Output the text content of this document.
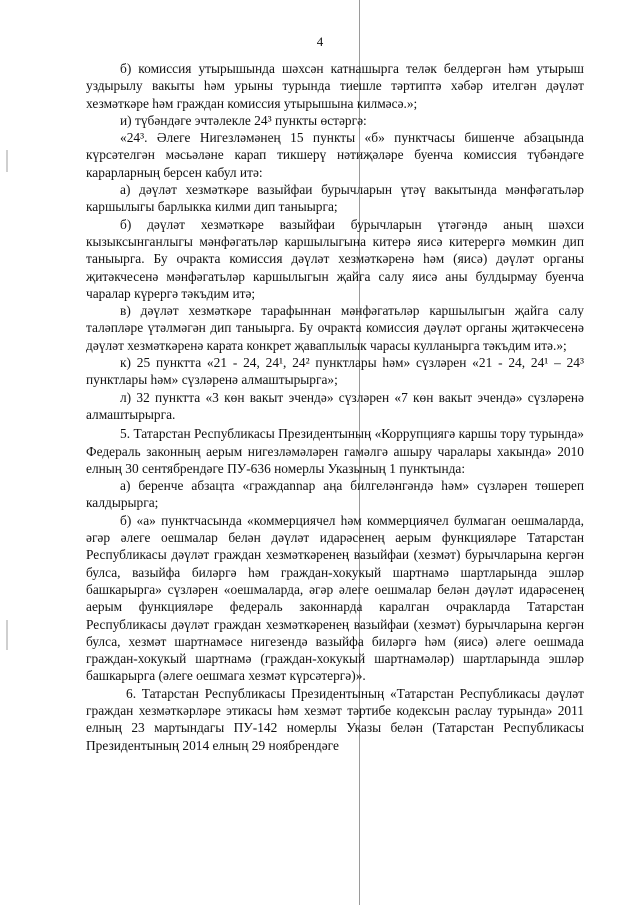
4

б) комиссия утырышында шәхсән катнашырга теләк белдергән һәм утырыш уздырылу вакыты һәм урыны турында тиешле тәртиптә хәбәр ителгән дәүләт хезмәткәре һәм граждан комиссия утырышына килмәсә.»;

и) түбәндәге эчтәлекле 24³ пункты өстәргә:

«24³. Әлеге Нигезләмәнең 15 пункты «б» пунктчасы бишенче абзацында күрсәтелгән мәсьәләне карап тикшерү нәтиҗәләре буенча комиссия түбәндәге карарларның берсен кабул итә:

а) дәүләт хезмәткәре вазыйфаи бурычларын үтәү вакытында мәнфәгатьләр каршылыгы барлыкка килми дип таныырга;

б) дәүләт хезмәткәре вазыйфаи бурычларын үтәгәндә аның шәхси кызыксынганлыгы мәнфәгатьләр каршылыгына китерә яисә китерергә мөмкин дип таныырга. Бу очракта комиссия дәүләт хезмәткәренә һәм (яисә) дәүләт органы җитәкчесенә мәнфәгатьләр каршылыгын җайга салу яисә аны булдырмау буенча чаралар күрергә тәкъдим итә;

в) дәүләт хезмәткәре тарафыннан мәнфәгатьләр каршылыгын җайга салу таләпләре үтәлмәгән дип таныырга. Бу очракта комиссия дәүләт органы җитәкчесенә дәүләт хезмәткәренә карата конкрет җаваплылык чарасы кулланырга тәкъдим итә.»;

к) 25 пунктта «21 - 24, 24¹, 24² пунктлары һәм» сүзләрен «21 - 24, 24¹ – 24³ пунктлары һәм» сүзләренә алмаштырырга»;

л) 32 пунктта «3 көн вакыт эчендә» сүзләрен «7 көн вакыт эчендә» сүзләренә алмаштырырга.

5. Татарстан Республикасы Президентының «Коррупциягә каршы тору турында» Федераль законның аерым нигезләмәләрен гамәлгә ашыру чаралары хакында» 2010 елның 30 сентябрендәге ПУ-636 номерлы Указының 1 пунктында:

а) беренче абзацта «граждannар аңа билгеләнгәндә һәм» сүзләрен төшереп калдырырга;

б) «а» пунктчасында «коммерциячел һәм коммерциячел булмаган оешмаларда, әгәр әлеге оешмалар белән дәүләт идарәсенең аерым функцияләре Татарстан Республикасы дәүләт граждан хезмәткәренең вазыйфаи (хезмәт) бурычларына кергән булса, вазыйфа биләргә һәм граждан-хокукый шартнамә шартларында эшләр башкарырга» сүзләрен «оешмаларда, әгәр әлеге оешмалар белән дәүләт идарәсенең аерым функцияләре федераль законнарда каралган очракларда Татарстан Республикасы дәүләт граждан хезмәткәренең вазыйфаи (хезмәт) бурычларына кергән булса, хезмәт шартнамәсе нигезендә вазыйфа биләргә һәм (яисә) әлеге оешмада граждан-хокукый шартнамә (граждан-хокукый шартнамәләр) шартларында эшләр башкарырга (әлеге оешмага хезмәт күрсәтергә)».

6. Татарстан Республикасы Президентының «Татарстан Республикасы дәүләт граждан хезмәткәрләре этикасы һәм хезмәт тәртибе кодексын раслау турында» 2011 елның 23 мартындагы ПУ-142 номерлы Указы белән (Татарстан Республикасы Президентының 2014 елның 29 ноябрендәге
